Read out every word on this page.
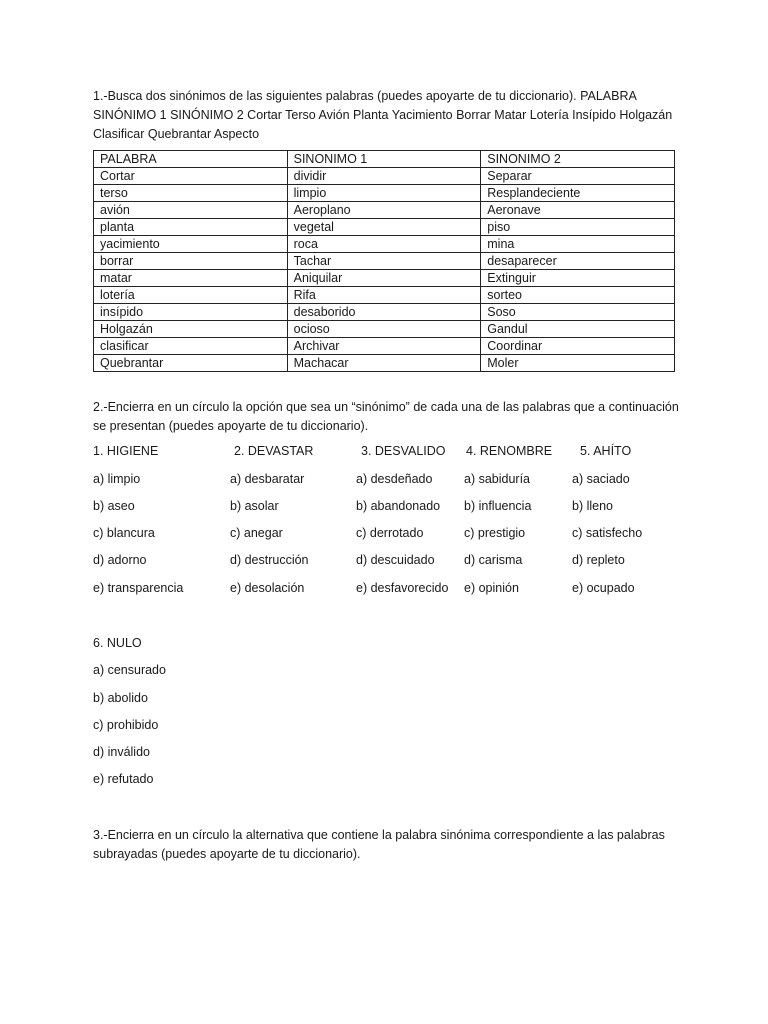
1.-Busca dos sinónimos de las siguientes palabras (puedes apoyarte de tu diccionario). PALABRA SINÓNIMO 1 SINÓNIMO 2 Cortar Terso Avión Planta Yacimiento Borrar Matar Lotería Insípido Holgazán Clasificar Quebrantar Aspecto

PALABRA	SINONIMO 1	SINONIMO 2
Cortar	dividir	Separar
terso	limpio	Resplandeciente
avión	Aeroplano	Aeronave
planta	vegetal	piso
yacimiento	roca	mina
borrar	Tachar	desaparecer
matar	Aniquilar	Extinguir
lotería	Rifa	sorteo
insípido	desaborido	Soso
Holgazán	ocioso	Gandul
clasificar	Archivar	Coordinar
Quebrantar	Machacar	Moler

2.-Encierra en un círculo la opción que sea un “sinónimo” de cada una de las palabras que a continuación se presentan (puedes apoyarte de tu diccionario).

1. HIGIENE
a) limpio
b) aseo
c) blancura
d) adorno
e) transparencia
2. DEVASTAR
a) desbaratar
b) asolar
c) anegar
d) destrucción
e) desolación
3. DESVALIDO
a) desdeñado
b) abandonado
c) derrotado
d) descuidado
e) desfavorecido
4. RENOMBRE
a) sabiduría
b) influencia
c) prestigio
d) carisma
e) opinión
5. AHÍTO
a) saciado
b) lleno
c) satisfecho
d) repleto
e) ocupado
6. NULO
a) censurado
b) abolido
c) prohibido
d) inválido
e) refutado

3.-Encierra en un círculo la alternativa que contiene la palabra sinónima correspondiente a las palabras subrayadas (puedes apoyarte de tu diccionario).
